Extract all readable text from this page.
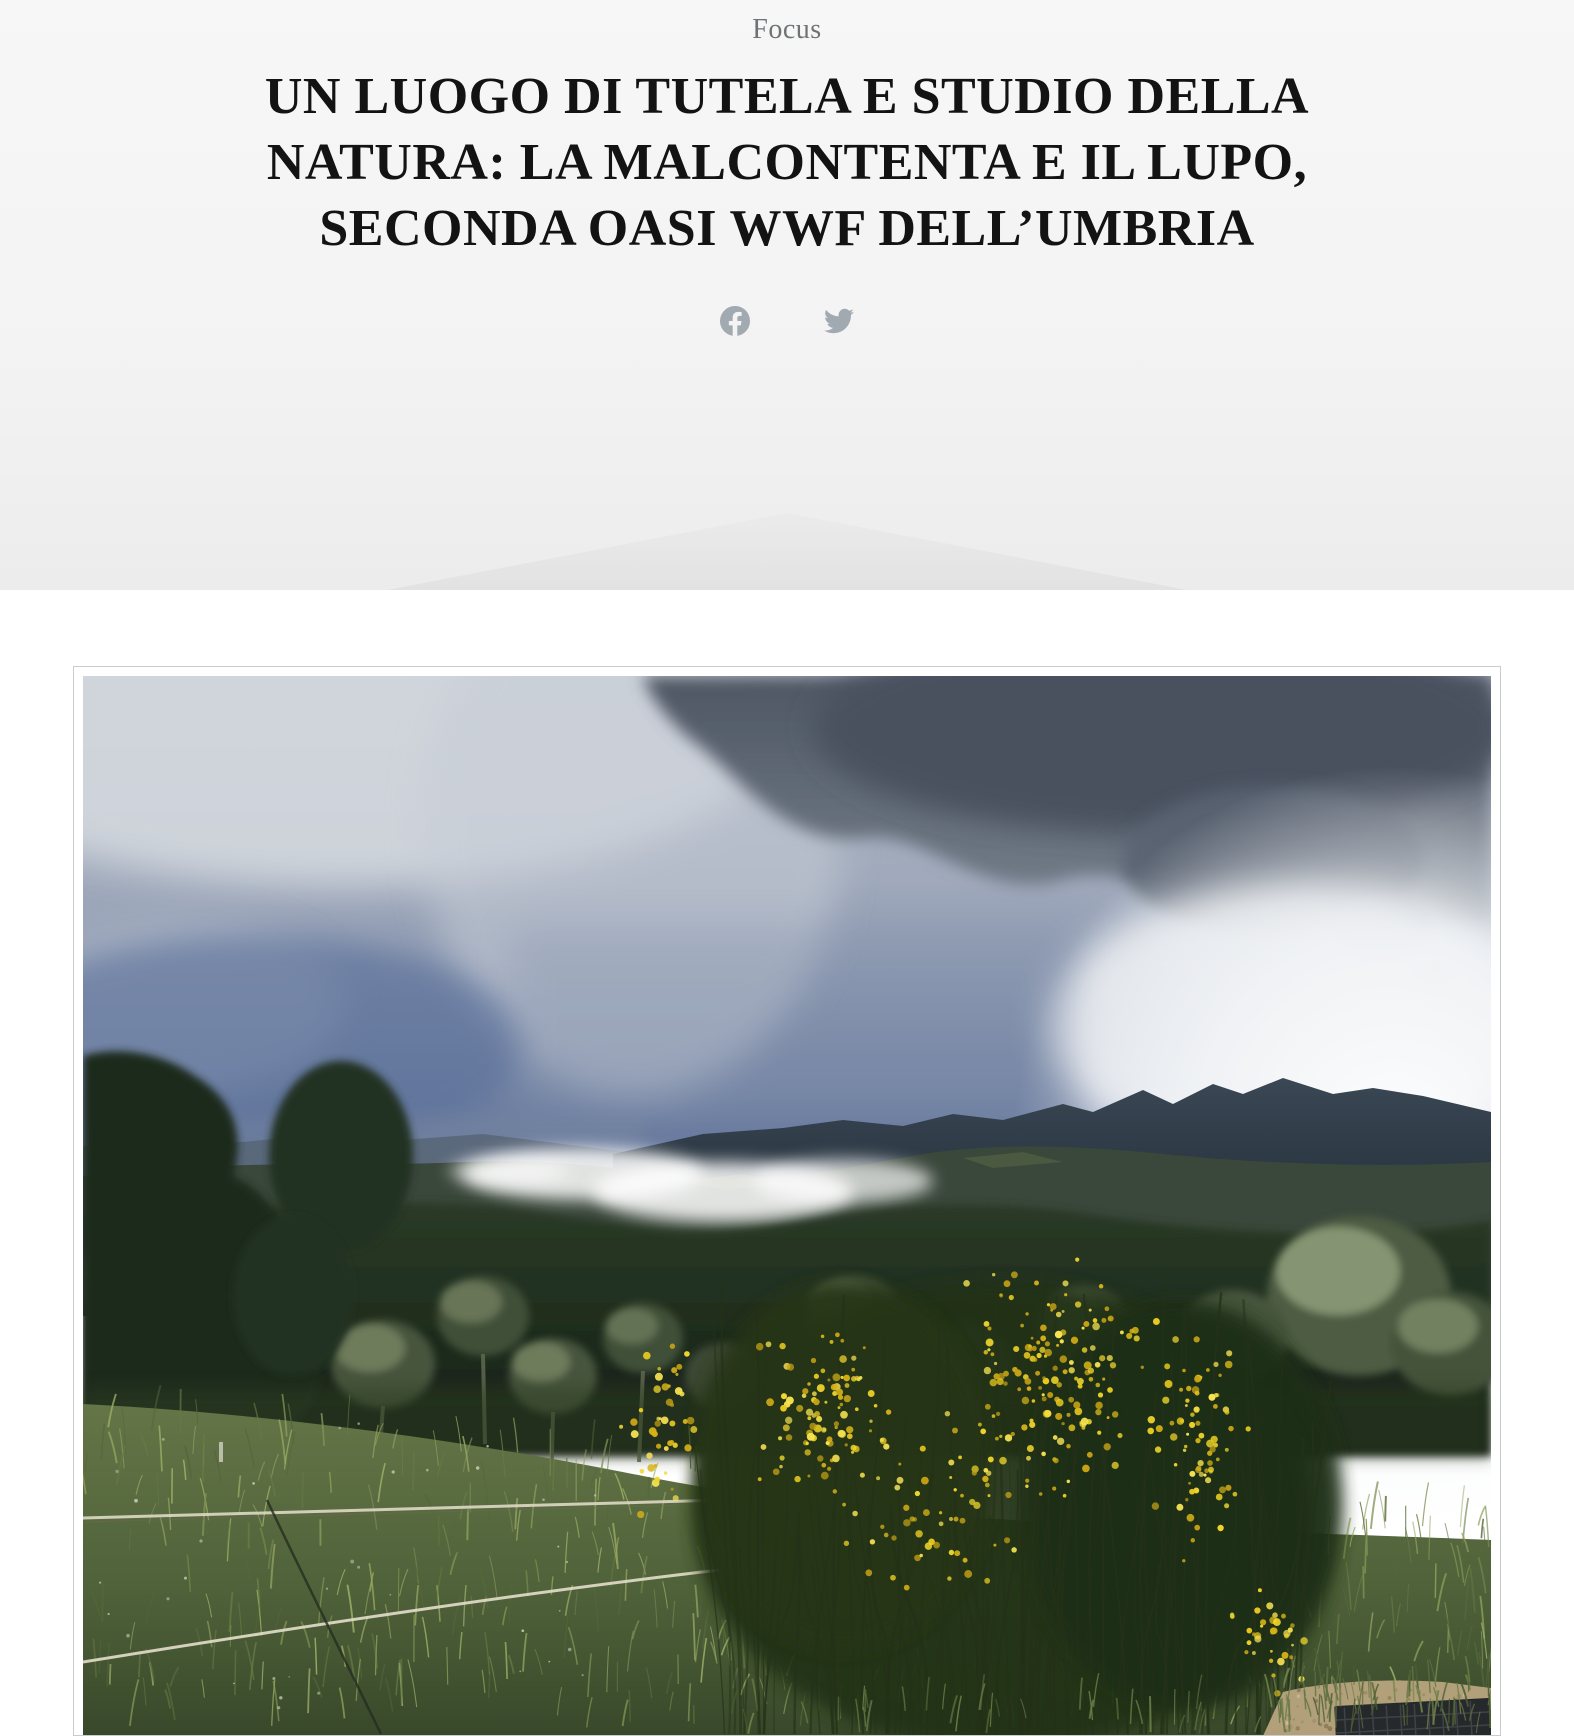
Focus
UN LUOGO DI TUTELA E STUDIO DELLA
NATURA: LA MALCONTENTA E IL LUPO,
SECONDA OASI WWF DELL’UMBRIA
